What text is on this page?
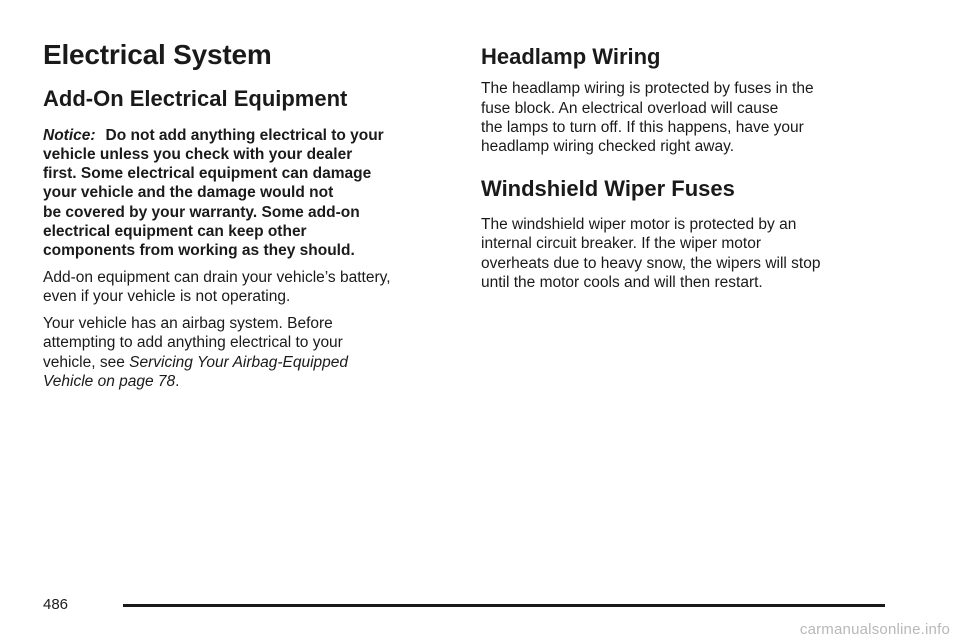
Electrical System
Add-On Electrical Equipment

Notice: Do not add anything electrical to your
vehicle unless you check with your dealer
first. Some electrical equipment can damage
your vehicle and the damage would not
be covered by your warranty. Some add-on
electrical equipment can keep other
components from working as they should.

Add-on equipment can drain your vehicle’s battery,
even if your vehicle is not operating.

Your vehicle has an airbag system. Before
attempting to add anything electrical to your
vehicle, see Servicing Your Airbag-Equipped
Vehicle on page 78.

Headlamp Wiring

The headlamp wiring is protected by fuses in the
fuse block. An electrical overload will cause
the lamps to turn off. If this happens, have your
headlamp wiring checked right away.

Windshield Wiper Fuses

The windshield wiper motor is protected by an
internal circuit breaker. If the wiper motor
overheats due to heavy snow, the wipers will stop
until the motor cools and will then restart.

486
carmanualsonline.info
